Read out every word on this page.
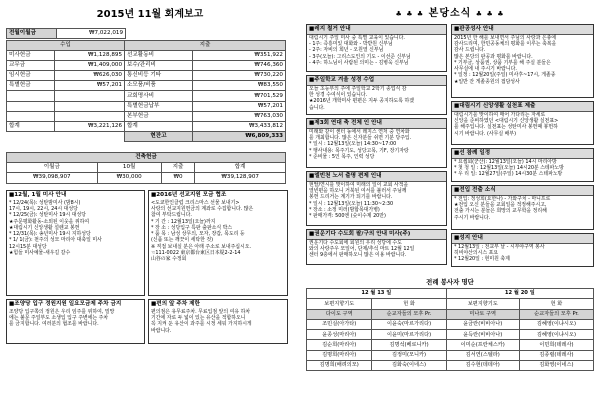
2015년 11월 회계보고
전월이월금	₩7,022,019
수입		지출	
미사헌금	₩1,128,895	선교활동비	₩351,922
교무금	₩1,409,000	보수/관리비	₩746,360
임시헌금	₩626,030	통신비등 기타	₩730,220
특별헌금	₩57,201	소모품/비품	₩83,550
		교회명사비	₩701,529
		특별헌금납부	₩57,201
		본부헌금	₩763,030
합계	₩3,221,126	합계	₩3,433,812
		현잔고	₩6,809,333
건축헌금			
이월금	10월	지출	합계
₩39,098,907	₩30,000	₩0	₩39,128,907
■12월, 1월 미사 안내
* 12/24(목): 성탄밤미사 (밤8시)
17시, 19시, 22시, 24시 대성당
* 12/25(금): 성탄미사 19시 대성당
★주문평화활동-소외된 이웃을 위하여
★대림시기 신앙생활 설렌교 봉헌
* 12/31(목): 송년미사 19시 지하성당
* 1/ 1(금): 천주의 성모 마리아 대축일 미사
12시15분 대성당
★힘들 미사예물-새우길 갈수
■2016년 선교지원 모금 협조
<도쿄한인클럽 크리스마스 선물 보내기>
사랑의 선교지원헌금의 계좌로 수집합니다. 많은
참여 부탁드립니다.
* 기 간 : 12월13일(오늘)까지
* 장 소 : 성당입구 특판 출판소식 박스
* 품 목 : 남성 상무의, 모자, 장갑, 목도리 등
(신품 또는 깨끗이 세탁한 것)
※ 직접 보내실 분은 아래 주소로 보내주십시오.
☜111-0022 東京都台東区日本堤2-2-14
山谷の家 수정회
■조양당 입구 정원지원 일요모금제 주차 금지
조양당 입구쪽의 정원은 우리 임주를 위하여, 밀망
에는 불문 주일부도 소생입 입구 주변에는 주차
를 금지합니다. 여러분의 협조를 바랍니다.
■편의 앞 주차 제한
편의점은 유무료주차. 무료입점 앞의 여유 하차
기간에 자로 두 넓이 있는 유산을 적합하오니
꼭 지켜 둔 유산이 과주를 시정 세워 가지하시게
바랍니다.
♣ ♣ ♣ 본당소식 ♣ ♣ ♣
■레지 철거 안내
대림시기 주일 미사 중 특별 교육이 있습니다.
- 1주: 즉흥미있 대화와 - 박받원 신부님
- 2주: 자비의 희년 - 오원열 신부님
- 3주(오늘): 그리스도인의 기도 - 이선준 신부님
- 4주: 하느님이 사람된 의미는 - 김병욱 신부님
■주일학교 겨울 성경 수업
오늘 초등부의 주에 주일학교 2학기 종업식 감
한 성경 수여식이 있습니다.
★2016년 개학미사 편편은 지두 공지하도록 하겠
습니다.
■제3회 연대 축 전체 인 안내
미래와 같이 센터 동에서 레지스 연처 중 연차화
를 개최합니다. 많은 신자분들 쉬면 기분 당주입.
* 일시 : 12월13일(오늘) 14:30~17:00
* 행사내용: 목주기도, 성당고목, 기F, 장기자랑
* 준비물 : 5인 목주, 인력 성당
■엘빈천 노서 출명 편제 인내
현딸/연시를 맞이하여 미래의 일이 교회 사적을
열빈편을 하오니 거북된 여서를 불러서 주님께
봉헌 드리거는 계기가 되기를 바랍니다.
* 일시 : 12월13일(오늘) 11:30~2:30
* 장소 : 소정 미러(밤합목대가병)
* 판매가격: 500엔 (숫이수제 20만)
■권운기다 수도회 팔/구의 안내 미사(주)
권운기다 수도회에 회원의 우리 성당에 수도
와의 사랑주우 모일어, 단제/추석 마트 12월 12일
센터 9층에서 판매하오니 많은 이용 바랍니다.
■판공성사 안내
2015년 한 해를 보내면서 주님의 사랑과 은총에
감사드리며, 한민공동체의 평화를 이루는 축복을
감사 드립니다.
많은 본당의 판공과 평화를 바랍니다.
* 기부금, 상품권, 상품 기부를 해 주실 분들은
사무실에 내 주시기 바랍니다.
* 일정 : 12월20일(주일) 미사후~17시, 게졸종
★일반 잔 게졸종원의 접담성사
■대림시기 신앙생활 실천표 제출
대림시기를 맞이하여 매어 가다리는 자세로
신앙을 준비하였던 <대림시기 신앙생활 실천표>
를 해주입니다. 실천표는 성탄미사 봉헌때 봉헌하
시기 바랍니다. (사무실 배부)
■선 참례 일정
* 요셉회(군산): 12월13일(오늘) 14시 마리아방
* 첫 청 일 : 12월13일(오늘) 14시20분 스테파노방
* 우 리 일: 12월27일(주일) 14시30분 스테파노방
■전입 전출 소식
* 전입: 정성희(요한나) - 가와구치 - 마니프로
★전입 오신 분들을 교회일을 적정해주시고,
전출 가시는 분들은 희망의 교무학을 정리해
주시기 바랍니다.
■성지 안내
* 12월13일 : 전교부 날 - 시부야구역 봉사
히비야산의시스 포요
* 12월20일 : 현미원 축제
전례 봉사자 명단
12 월 13 일		12 월 20 일	
보편지향기도	헌 화	보편지향기도	헌 화
다이도 구역	순교자들의 모후 Pr.	미나토 구역	순교자들의 모후 Pr.
조민실(아가타)	이윤숙(마르가리다)	윤금란(비비아나)	김혜영(이냐시오)
윤종성(마리아)	이윤미(마르가리다)	윤득란(비비아나)	김혜영(이냐시오)
김순희(마리아)	김명석(베로니카)	이미순(프란체스카)	이민희(데레사)
김명희(마리아)	김정미(모니카)	김서연(스텔라)	김종렬(데레사)
김명희(배려의모)	김화숙(이네스)	김수현(데데아)	김화영(이네스)
